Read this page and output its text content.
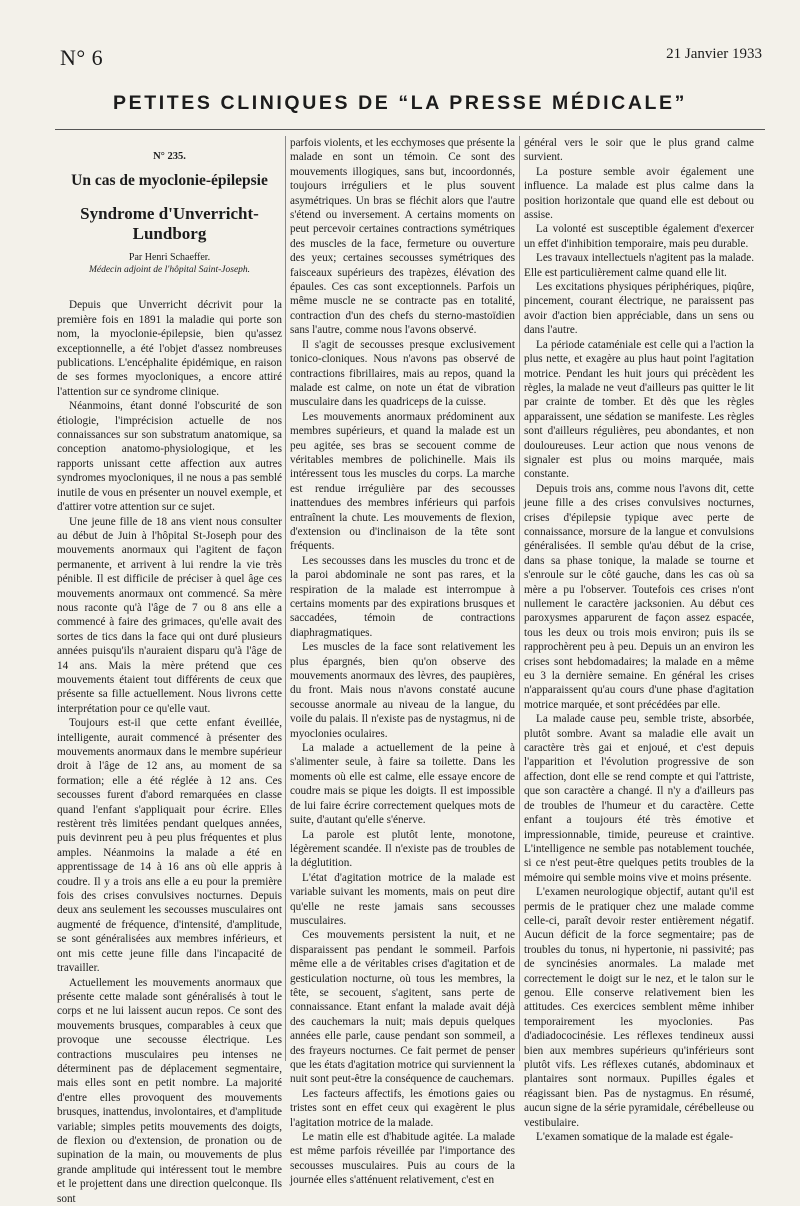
N° 6	21 Janvier 1933
PETITES CLINIQUES DE “LA PRESSE MÉDICALE”
N° 235.
Un cas de myoclonie-épilepsie
Syndrome d'Unverricht-Lundborg
Par Henri Schaeffer.
Médecin adjoint de l'hôpital Saint-Joseph.

Depuis que Unverricht décrivit pour la première fois en 1891 la maladie qui porte son nom, la myoclonie-épilepsie, bien qu'assez exceptionnelle, a été l'objet d'assez nombreuses publications. L'encéphalite épidémique, en raison de ses formes myocloniques, a encore attiré l'attention sur ce syndrome clinique.

Néanmoins, étant donné l'obscurité de son étiologie, l'imprécision actuelle de nos connaissances sur son substratum anatomique, sa conception anatomo-physiologique, et les rapports unissant cette affection aux autres syndromes myocloniques, il ne nous a pas semblé inutile de vous en présenter un nouvel exemple, et d'attirer votre attention sur ce sujet.

Une jeune fille de 18 ans vient nous consulter au début de Juin à l'hôpital St-Joseph pour des mouvements anormaux qui l'agitent de façon permanente, et arrivent à lui rendre la vie très pénible. Il est difficile de préciser à quel âge ces mouvements anormaux ont commencé. Sa mère nous raconte qu'à l'âge de 7 ou 8 ans elle a commencé à faire des grimaces, qu'elle avait des sortes de tics dans la face qui ont duré plusieurs années puisqu'ils n'auraient disparu qu'à l'âge de 14 ans. Mais la mère prétend que ces mouvements étaient tout différents de ceux que présente sa fille actuellement. Nous livrons cette interprétation pour ce qu'elle vaut.

Toujours est-il que cette enfant éveillée, intelligente, aurait commencé à présenter des mouvements anormaux dans le membre supérieur droit à l'âge de 12 ans, au moment de sa formation; elle a été réglée à 12 ans. Ces secousses furent d'abord remarquées en classe quand l'enfant s'appliquait pour écrire. Elles restèrent très limitées pendant quelques années, puis devinrent peu à peu plus fréquentes et plus amples. Néanmoins la malade a été en apprentissage de 14 à 16 ans où elle appris à coudre. Il y a trois ans elle a eu pour la première fois des crises convulsives nocturnes. Depuis deux ans seulement les secousses musculaires ont augmenté de fréquence, d'intensité, d'amplitude, se sont généralisées aux membres inférieurs, et ont mis cette jeune fille dans l'incapacité de travailler.

Actuellement les mouvements anormaux que présente cette malade sont généralisés à tout le corps et ne lui laissent aucun repos. Ce sont des mouvements brusques, comparables à ceux que provoque une secousse électrique. Les contractions musculaires peu intenses ne déterminent pas de déplacement segmentaire, mais elles sont en petit nombre. La majorité d'entre elles provoquent des mouvements brusques, inattendus, involontaires, et d'amplitude variable; simples petits mouvements des doigts, de flexion ou d'extension, de pronation ou de supination de la main, ou mouvements de plus grande amplitude qui intéressent tout le membre et le projettent dans une direction quelconque. Ils sont

parfois violents, et les ecchymoses que présente la malade en sont un témoin. Ce sont des mouvements illogiques, sans but, incoordonnés, toujours irréguliers et le plus souvent asymétriques. Un bras se fléchit alors que l'autre s'étend ou inversement. A certains moments on peut percevoir certaines contractions symétriques des muscles de la face, fermeture ou ouverture des yeux; certaines secousses symétriques des faisceaux supérieurs des trapèzes, élévation des épaules. Ces cas sont exceptionnels. Parfois un même muscle ne se contracte pas en totalité, contraction d'un des chefs du sterno-mastoïdien sans l'autre, comme nous l'avons observé.

Il s'agit de secousses presque exclusivement tonico-cloniques. Nous n'avons pas observé de contractions fibrillaires, mais au repos, quand la malade est calme, on note un état de vibration musculaire dans les quadriceps de la cuisse.

Les mouvements anormaux prédominent aux membres supérieurs, et quand la malade est un peu agitée, ses bras se secouent comme de véritables membres de polichinelle. Mais ils intéressent tous les muscles du corps. La marche est rendue irrégulière par des secousses inattendues des membres inférieurs qui parfois entraînent la chute. Les mouvements de flexion, d'extension ou d'inclinaison de la tête sont fréquents.

Les secousses dans les muscles du tronc et de la paroi abdominale ne sont pas rares, et la respiration de la malade est interrompue à certains moments par des expirations brusques et saccadées, témoin de contractions diaphragmatiques.

Les muscles de la face sont relativement les plus épargnés, bien qu'on observe des mouvements anormaux des lèvres, des paupières, du front. Mais nous n'avons constaté aucune secousse anormale au niveau de la langue, du voile du palais. Il n'existe pas de nystagmus, ni de myoclonies oculaires.

La malade a actuellement de la peine à s'alimenter seule, à faire sa toilette. Dans les moments où elle est calme, elle essaye encore de coudre mais se pique les doigts. Il est impossible de lui faire écrire correctement quelques mots de suite, d'autant qu'elle s'énerve.

La parole est plutôt lente, monotone, légèrement scandée. Il n'existe pas de troubles de la déglutition.

L'état d'agitation motrice de la malade est variable suivant les moments, mais on peut dire qu'elle ne reste jamais sans secousses musculaires.

Ces mouvements persistent la nuit, et ne disparaissent pas pendant le sommeil. Parfois même elle a de véritables crises d'agitation et de gesticulation nocturne, où tous les membres, la tête, se secouent, s'agitent, sans perte de connaissance. Etant enfant la malade avait déjà des cauchemars la nuit; mais depuis quelques années elle parle, cause pendant son sommeil, a des frayeurs nocturnes. Ce fait permet de penser que les états d'agitation motrice qui surviennent la nuit sont peut-être la conséquence de cauchemars.

Les facteurs affectifs, les émotions gaies ou tristes sont en effet ceux qui exagèrent le plus l'agitation motrice de la malade.

Le matin elle est d'habitude agitée. La malade est même parfois réveillée par l'importance des secousses musculaires. Puis au cours de la journée elles s'atténuent relativement, c'est en

général vers le soir que le plus grand calme survient.

La posture semble avoir également une influence. La malade est plus calme dans la position horizontale que quand elle est debout ou assise.

La volonté est susceptible également d'exercer un effet d'inhibition temporaire, mais peu durable.

Les travaux intellectuels n'agitent pas la malade. Elle est particulièrement calme quand elle lit.

Les excitations physiques périphériques, piqûre, pincement, courant électrique, ne paraissent pas avoir d'action bien appréciable, dans un sens ou dans l'autre.

La période cataméniale est celle qui a l'action la plus nette, et exagère au plus haut point l'agitation motrice. Pendant les huit jours qui précèdent les règles, la malade ne veut d'ailleurs pas quitter le lit par crainte de tomber. Et dès que les règles apparaissent, une sédation se manifeste. Les règles sont d'ailleurs régulières, peu abondantes, et non douloureuses. Leur action que nous venons de signaler est plus ou moins marquée, mais constante.

Depuis trois ans, comme nous l'avons dit, cette jeune fille a des crises convulsives nocturnes, crises d'épilepsie typique avec perte de connaissance, morsure de la langue et convulsions généralisées. Il semble qu'au début de la crise, dans sa phase tonique, la malade se tourne et s'enroule sur le côté gauche, dans les cas où sa mère a pu l'observer. Toutefois ces crises n'ont nullement le caractère jacksonien. Au début ces paroxysmes apparurent de façon assez espacée, tous les deux ou trois mois environ; puis ils se rapprochèrent peu à peu. Depuis un an environ les crises sont hebdomadaires; la malade en a même eu 3 la dernière semaine. En général les crises n'apparaissent qu'au cours d'une phase d'agitation motrice marquée, et sont précédées par elle.

La malade cause peu, semble triste, absorbée, plutôt sombre. Avant sa maladie elle avait un caractère très gai et enjoué, et c'est depuis l'apparition et l'évolution progressive de son affection, dont elle se rend compte et qui l'attriste, que son caractère a changé. Il n'y a d'ailleurs pas de troubles de l'humeur et du caractère. Cette enfant a toujours été très émotive et impressionnable, timide, peureuse et craintive. L'intelligence ne semble pas notablement touchée, si ce n'est peut-être quelques petits troubles de la mémoire qui semble moins vive et moins présente.

L'examen neurologique objectif, autant qu'il est permis de le pratiquer chez une malade comme celle-ci, paraît devoir rester entièrement négatif. Aucun déficit de la force segmentaire; pas de troubles du tonus, ni hypertonie, ni passivité; pas de syncinésies anormales. La malade met correctement le doigt sur le nez, et le talon sur le genou. Elle conserve relativement bien les attitudes. Ces exercices semblent même inhiber temporairement les myoclonies. Pas d'adiadococinésie. Les réflexes tendineux aussi bien aux membres supérieurs qu'inférieurs sont plutôt vifs. Les réflexes cutanés, abdominaux et plantaires sont normaux. Pupilles égales et réagissant bien. Pas de nystagmus. En résumé, aucun signe de la série pyramidale, cérébelleuse ou vestibulaire.

L'examen somatique de la malade est égale-
